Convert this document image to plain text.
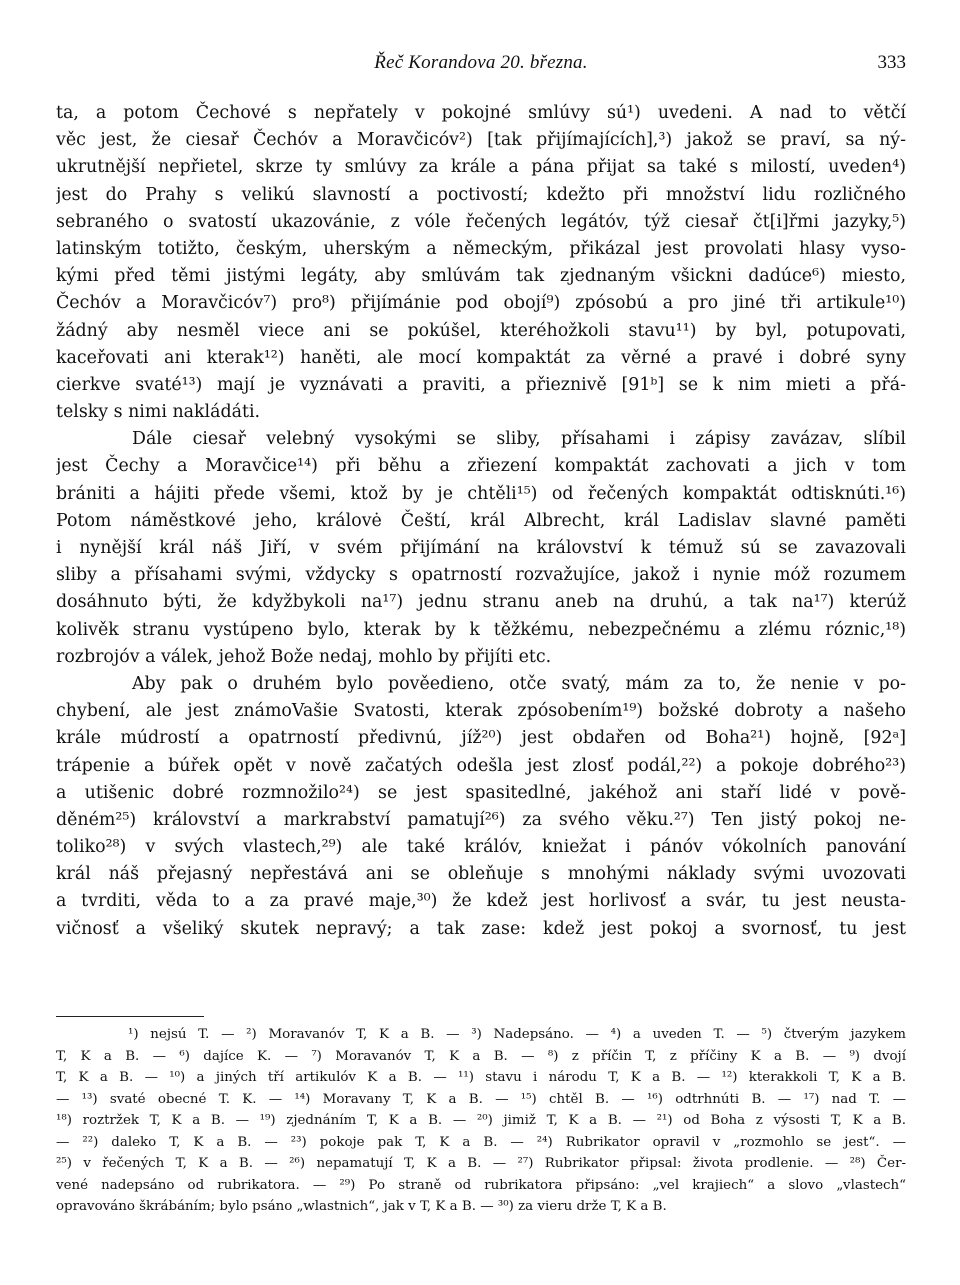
Řeč Korandova 20. března.	333
ta, a potom Čechové s nepřately v pokojné smlúvy sú¹) uvedeni. A nad to větčí
věc jest, že ciesař Čechóv a Moravčicóv²) [tak přijímajících],³) jakož se praví, sa ný-
ukrutnější nepřietel, skrze ty smlúvy za krále a pána přijat sa také s milostí, uveden⁴)
jest do Prahy s velikú slavností a poctivostí; kdežto při množství lidu rozličného
sebraného o svatostí ukazovánie, z vóle řečených legátóv, týž ciesař čt[i]řmi jazyky,⁵)
latinským totižto, českým, uherským a německým, přikázal jest provolati hlasy vyso-
kými před těmi jistými legáty, aby smlúvám tak zjednaným všickni dadúce⁶) miesto,
Čechóv a Moravčicóv⁷) pro⁸) přijímánie pod obojí⁹) zpósobú a pro jiné tři artikule¹⁰)
žádný aby nesměl viece ani se pokúšel, kteréhožkoli stavu¹¹) by byl, potupovati,
kaceřovati ani kterak¹²) haněti, ale mocí kompaktát za věrné a pravé i dobré syny
cierkve svaté¹³) mají je vyznávati a praviti, a přieznivě [91ᵇ] se k nim mieti a přá-
telsky s nimi nakládáti.
Dále ciesař velebný vysokými se sliby, přísahami i zápisy zavázav, slíbil
jest Čechy a Moravčice¹⁴) při běhu a zřiezení kompaktát zachovati a jich v tom
brániti a hájiti přede všemi, ktož by je chtěli¹⁵) od řečených kompaktát odtisknúti.¹⁶)
Potom náměstkové jeho, královė Čeští, král Albrecht, král Ladislav slavné paměti
i nynější král náš Jiří, v svém přijímání na království k témuž sú se zavazovali
sliby a přísahami svými, vždycky s opatrností rozvažujíce, jakož i nynie móž rozumem
dosáhnuto býti, že kdyžbykoli na¹⁷) jednu stranu aneb na druhú, a tak na¹⁷) kterúž
kolivěk stranu vystúpeno bylo, kterak by k těžkému, nebezpečnému a zlému róznic,¹⁸)
rozbrojóv a válek, jehož Bože nedaj, mohlo by přijíti etc.
Aby pak o druhém bylo pověedieno, otče svatý, mám za to, že nenie v po-
chybení, ale jest známoVašie Svatosti, kterak zpósobením¹⁹) božské dobroty a našeho
krále múdrostí a opatrností předivnú, jíž²⁰) jest obdařen od Boha²¹) hojně, [92ᵃ]
trápenie a búřek opět v nově začatých odešla jest zlosť podál,²²) a pokoje dobrého²³)
a utišenic dobré rozmnožilo²⁴) se jest spasitedlné, jakéhož ani staří lidé v pově-
děném²⁵) království a markrabství pamatují²⁶) za svého věku.²⁷) Ten jistý pokoj ne-
toliko²⁸) v svých vlastech,²⁹) ale také králóv, kniežat i pánóv vókolních panování
král náš přejasný nepřestává ani se obleňuje s mnohými náklady svými uvozovati
a tvrditi, věda to a za pravé maje,³⁰) že kdež jest horlivosť a svár, tu jest neusta-
vičnosť a všeliký skutek nepravý; a tak zase: kdež jest pokoj a svornosť, tu jest
¹) nejsú T. — ²) Moravanóv T, K a B. — ³) Nadepsáno. — ⁴) a uveden T. — ⁵) čtverým jazykem
T, K a B. — ⁶) dajíce K. — ⁷) Moravanóv T, K a B. — ⁸) z příčin T, z příčiny K a B. — ⁹) dvojí
T, K a B. — ¹⁰) a jiných tří artikulóv K a B. — ¹¹) stavu i národu T, K a B. — ¹²) kterakkoli T, K a B.
— ¹³) svaté obecné T. K. — ¹⁴) Moravany T, K a B. — ¹⁵) chtěl B. — ¹⁶) odtrhnúti B. — ¹⁷) nad T. —
¹⁸) roztržek T, K a B. — ¹⁹) zjednáním T, K a B. — ²⁰) jimiž T, K a B. — ²¹) od Boha z výsosti T, K a B.
— ²²) daleko T, K a B. — ²³) pokoje pak T, K a B. — ²⁴) Rubrikator opravil v „rozmohlo se jest“. —
²⁵) v řečených T, K a B. — ²⁶) nepamatují T, K a B. — ²⁷) Rubrikator připsal: života prodlenie. — ²⁸) Čer-
vené nadepsáno od rubrikatora. — ²⁹) Po straně od rubrikatora připsáno: „vel krajiech“ a slovo „vlastech“
opravováno škrábáním; bylo psáno „wlastnich“, jak v T, K a B. — ³⁰) za vieru drže T, K a B.
